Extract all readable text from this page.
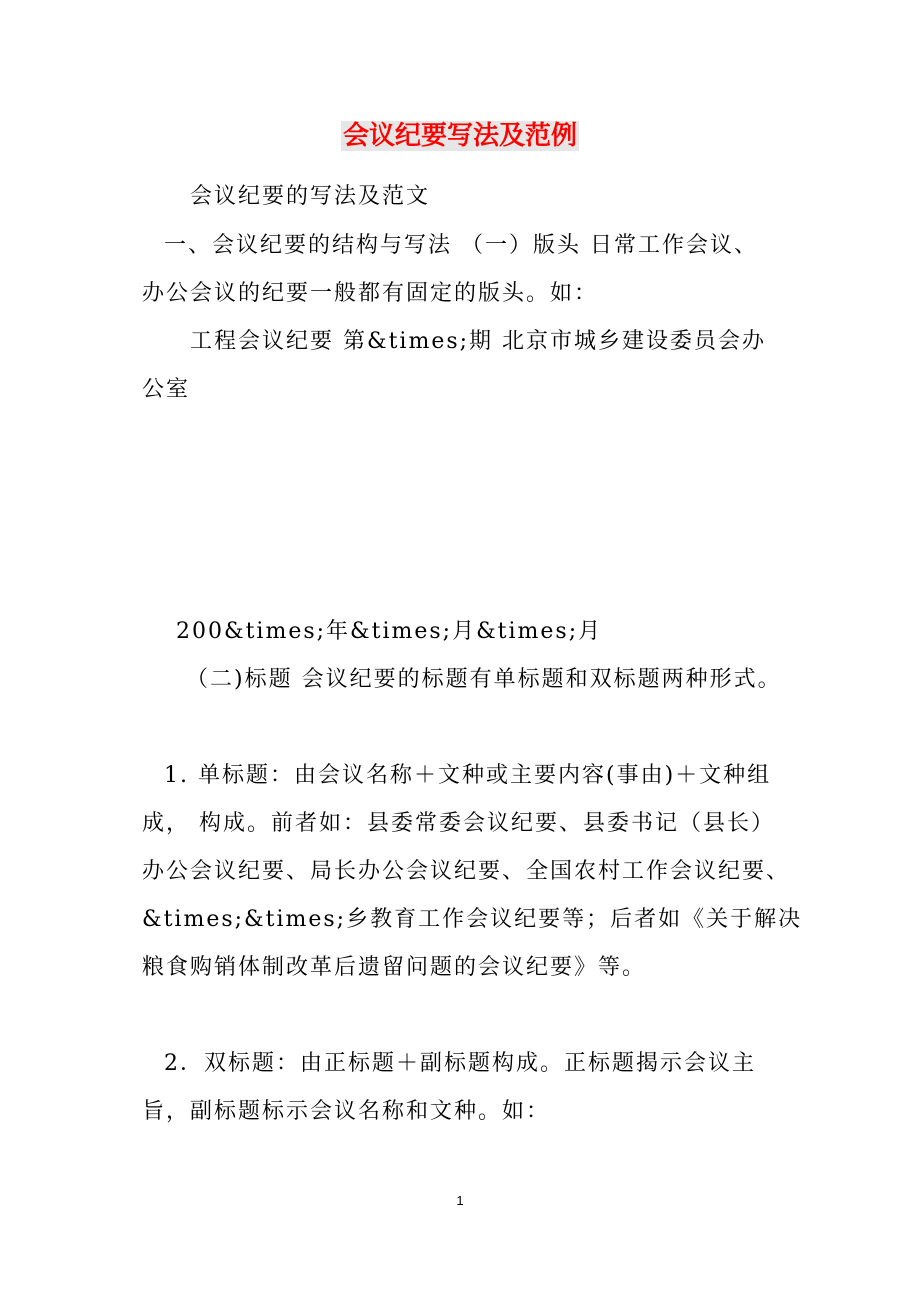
会议纪要写法及范例
会议纪要的写法及范文
一、会议纪要的结构与写法 （一）版头 日常工作会议、
办公会议的纪要一般都有固定的版头。如：
工程会议纪要 第&times;期 北京市城乡建设委员会办
公室
200&times;年&times;月&times;月
（二)标题 会议纪要的标题有单标题和双标题两种形式。
1. 单标题：由会议名称＋文种或主要内容(事由)＋文种组
成， 构成。前者如：县委常委会议纪要、县委书记（县长）
办公会议纪要、局长办公会议纪要、全国农村工作会议纪要、
&times;&times;乡教育工作会议纪要等；后者如《关于解决
粮食购销体制改革后遗留问题的会议纪要》等。
2．双标题：由正标题＋副标题构成。正标题揭示会议主
旨，副标题标示会议名称和文种。如：
1
